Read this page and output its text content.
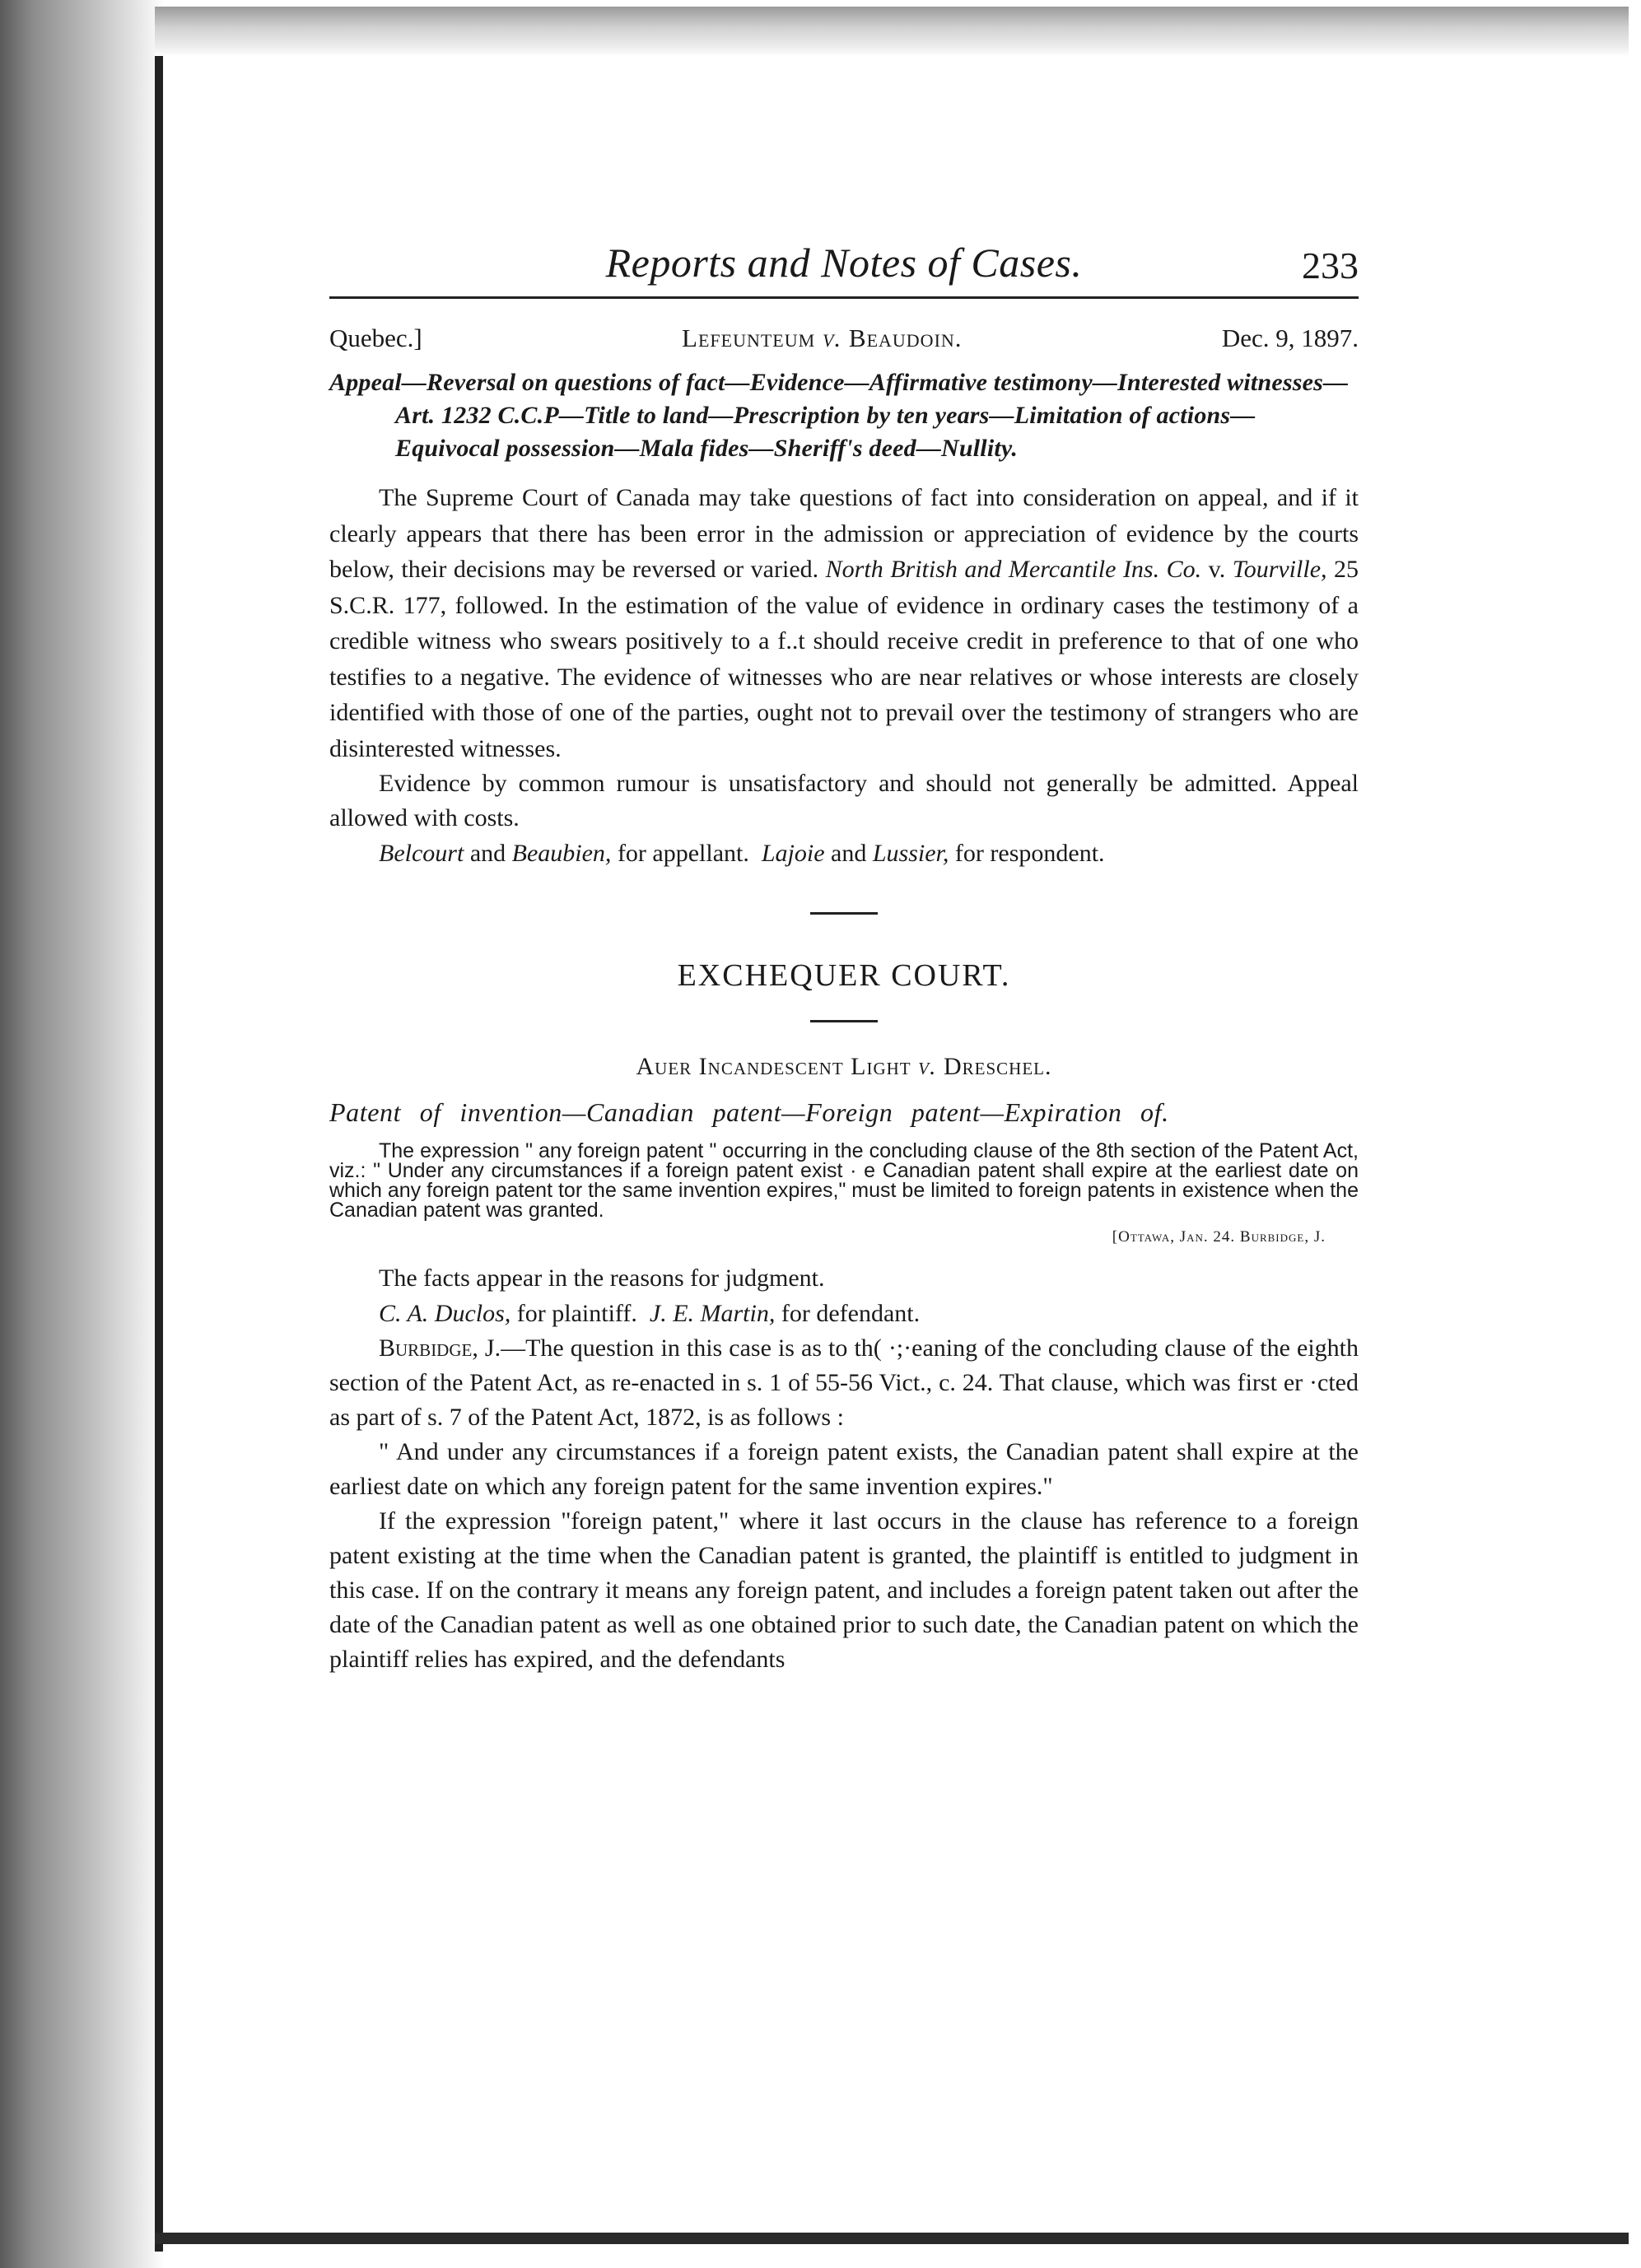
Reports and Notes of Cases.	233
Quebec.]	Lefeunteum v. Beaudoin.	Dec. 9, 1897.

Appeal—Reversal on questions of fact—Evidence—Affirmative testimony—Interested witnesses—Art. 1232 C.C.P—Title to land—Prescription by ten years—Limitation of actions—Equivocal possession—Mala fides—Sheriff's deed—Nullity.

The Supreme Court of Canada may take questions of fact into consideration on appeal, and if it clearly appears that there has been error in the admission or appreciation of evidence by the courts below, their decisions may be reversed or varied. North British and Mercantile Ins. Co. v. Tourville, 25 S.C.R. 177, followed. In the estimation of the value of evidence in ordinary cases the testimony of a credible witness who swears positively to a f..t should receive credit in preference to that of one who testifies to a negative. The evidence of witnesses who are near relatives or whose interests are closely identified with those of one of the parties, ought not to prevail over the testimony of strangers who are disinterested witnesses.

Evidence by common rumour is unsatisfactory and should not generally be admitted. Appeal allowed with costs.

Belcourt and Beaubien, for appellant. Lajoie and Lussier, for respondent.

EXCHEQUER COURT.

Auer Incandescent Light v. Dreschel.

Patent of invention—Canadian patent—Foreign patent—Expiration of.

The expression " any foreign patent " occurring in the concluding clause of the 8th section of the Patent Act, viz.: " Under any circumstances if a foreign patent exist · e Canadian patent shall expire at the earliest date on which any foreign patent tor the same invention expires," must be limited to foreign patents in existence when the Canadian patent was granted.

[Ottawa, Jan. 24. Burbidge, J.

The facts appear in the reasons for judgment.

C. A. Duclos, for plaintiff. J. E. Martin, for defendant.

Burbidge, J.—The question in this case is as to th( ·;·eaning of the concluding clause of the eighth section of the Patent Act, as re-enacted in s. 1 of 55-56 Vict., c. 24. That clause, which was first er ·cted as part of s. 7 of the Patent Act, 1872, is as follows :

" And under any circumstances if a foreign patent exists, the Canadian patent shall expire at the earliest date on which any foreign patent for the same invention expires."

If the expression "foreign patent," where it last occurs in the clause has reference to a foreign patent existing at the time when the Canadian patent is granted, the plaintiff is entitled to judgment in this case. If on the contrary it means any foreign patent, and includes a foreign patent taken out after the date of the Canadian patent as well as one obtained prior to such date, the Canadian patent on which the plaintiff relies has expired, and the defendants
